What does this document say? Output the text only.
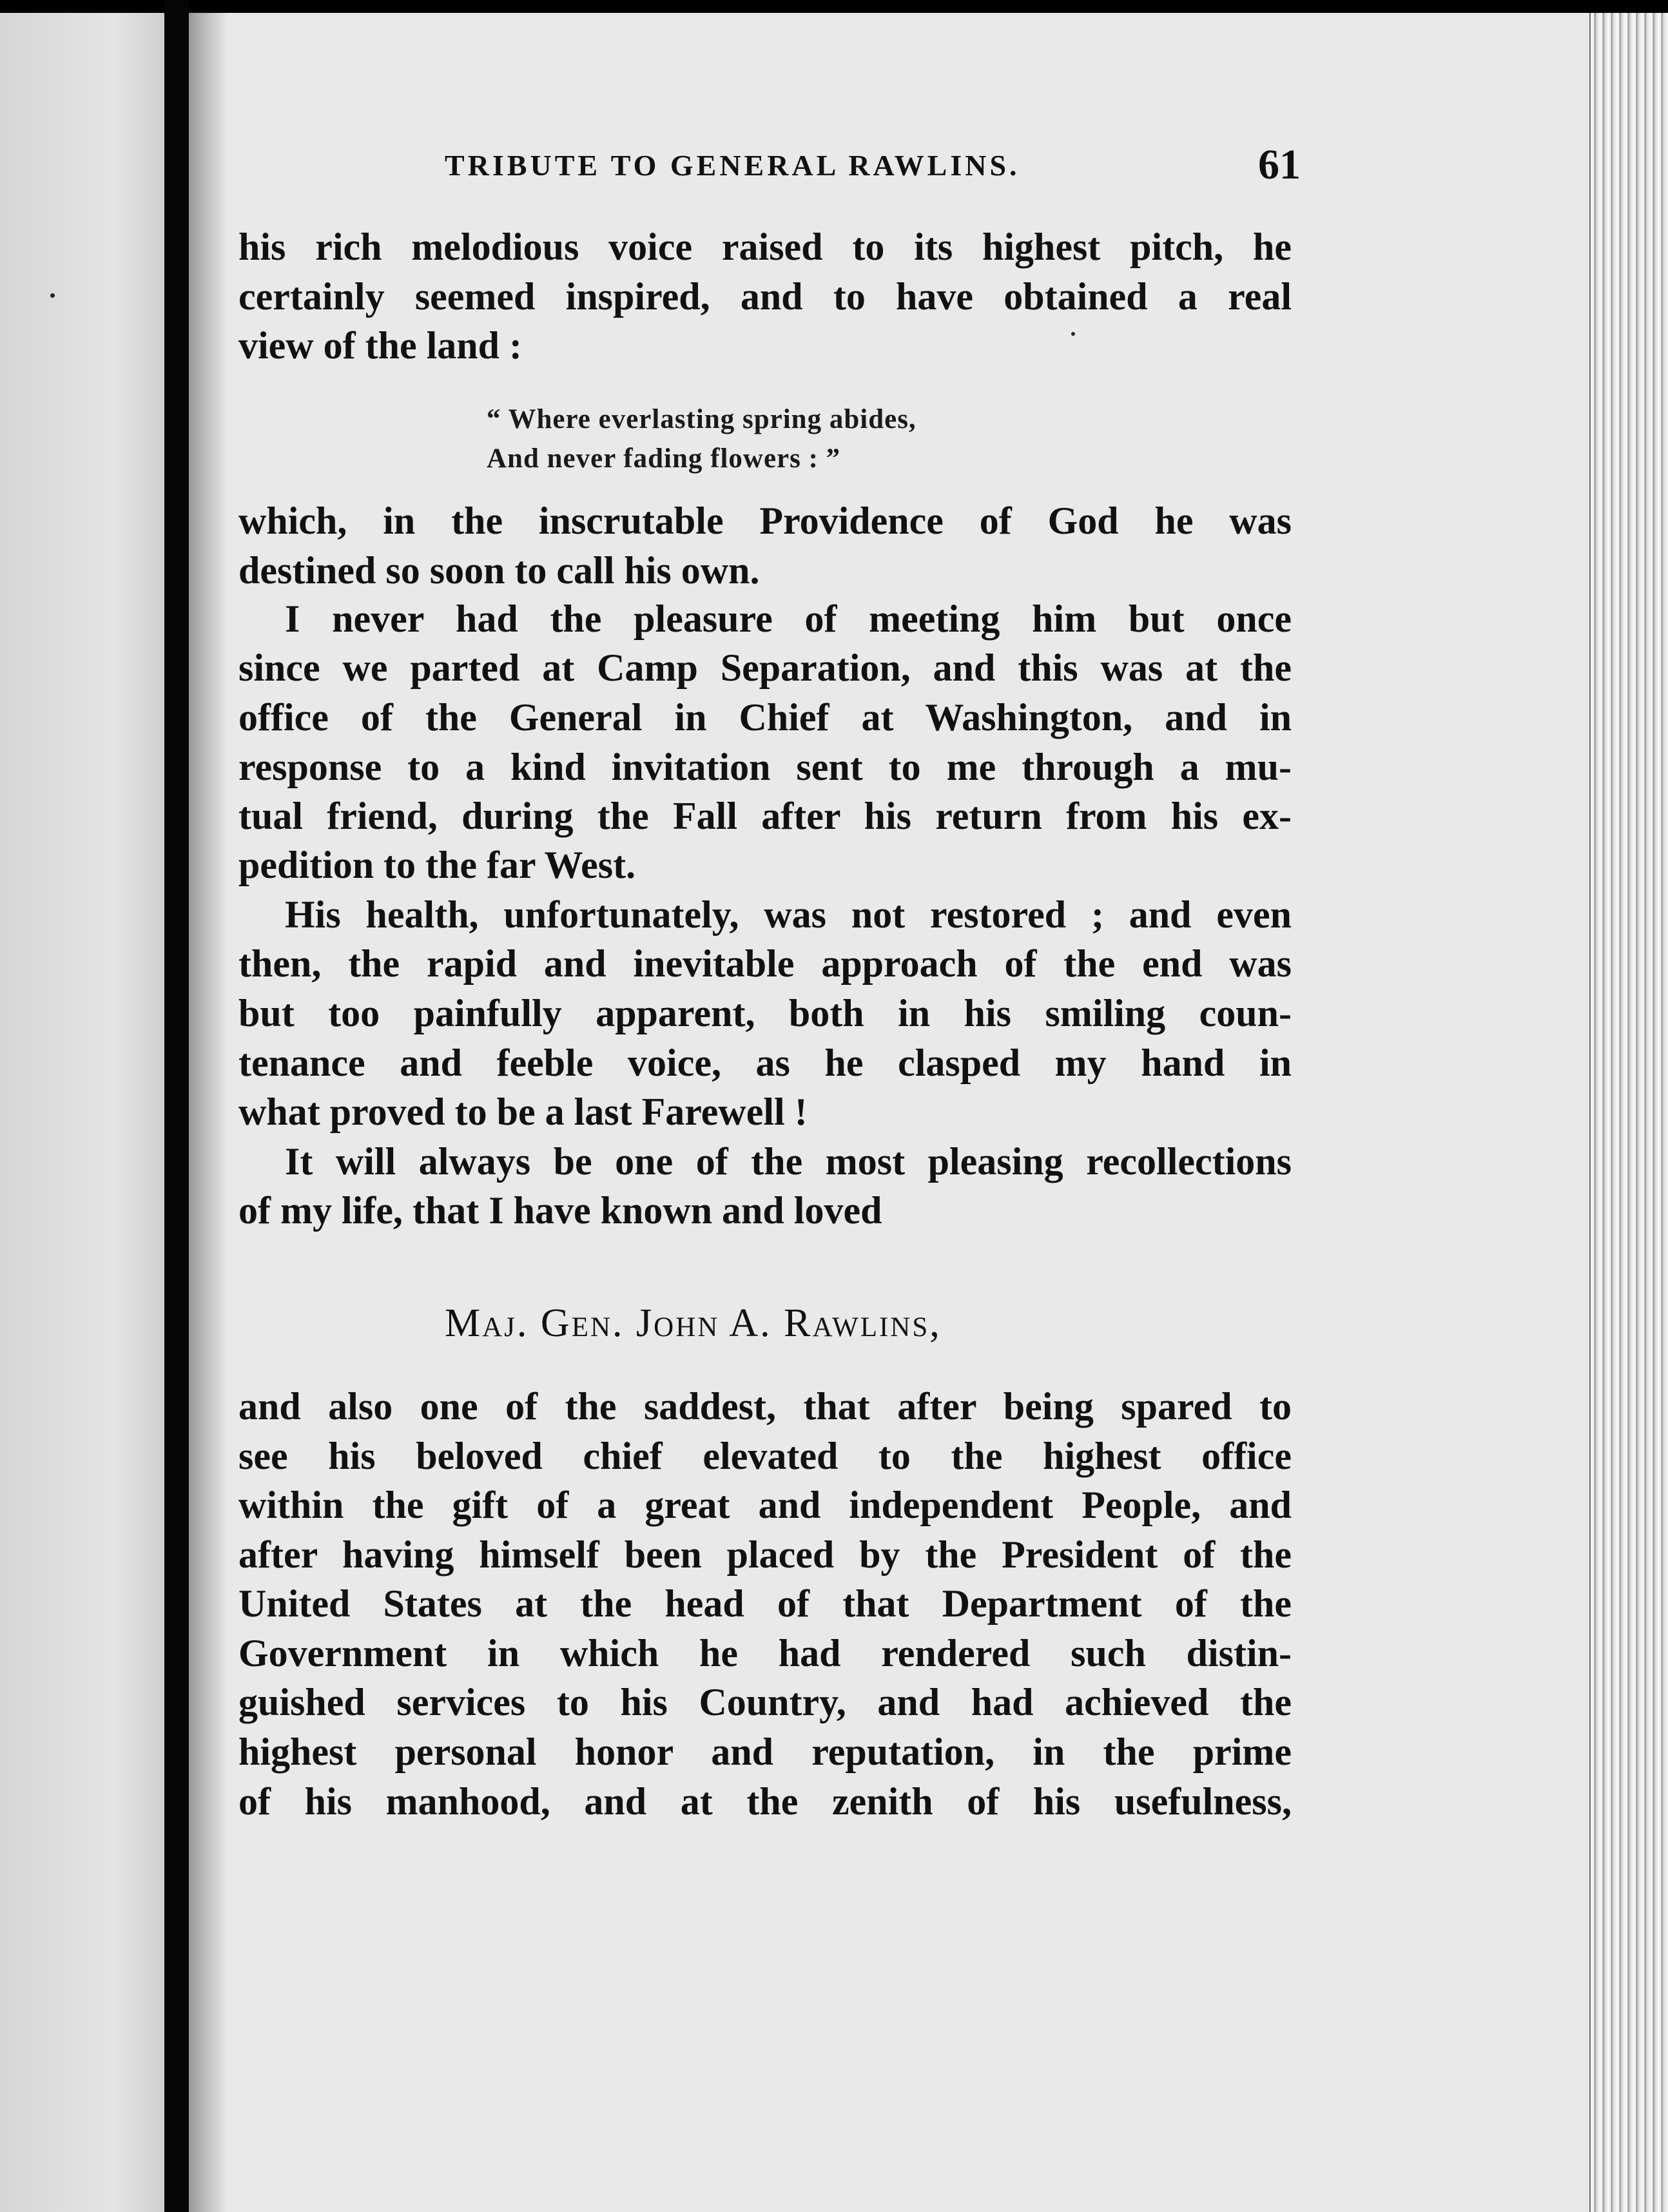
TRIBUTE TO GENERAL RAWLINS.	61
his rich melodious voice raised to its highest pitch, he
certainly seemed inspired, and to have obtained a real
view of the land :
“ Where everlasting spring abides,
And never fading flowers : ”
which, in the inscrutable Providence of God he was
destined so soon to call his own.
I never had the pleasure of meeting him but once
since we parted at Camp Separation, and this was at the
office of the General in Chief at Washington, and in
response to a kind invitation sent to me through a mu-
tual friend, during the Fall after his return from his ex-
pedition to the far West.
His health, unfortunately, was not restored ; and even
then, the rapid and inevitable approach of the end was
but too painfully apparent, both in his smiling coun-
tenance and feeble voice, as he clasped my hand in
what proved to be a last Farewell !
It will always be one of the most pleasing recollections
of my life, that I have known and loved
Maj. Gen. John A. Rawlins,
and also one of the saddest, that after being spared to
see his beloved chief elevated to the highest office
within the gift of a great and independent People, and
after having himself been placed by the President of the
United States at the head of that Department of the
Government in which he had rendered such distin-
guished services to his Country, and had achieved the
highest personal honor and reputation, in the prime
of his manhood, and at the zenith of his usefulness,
